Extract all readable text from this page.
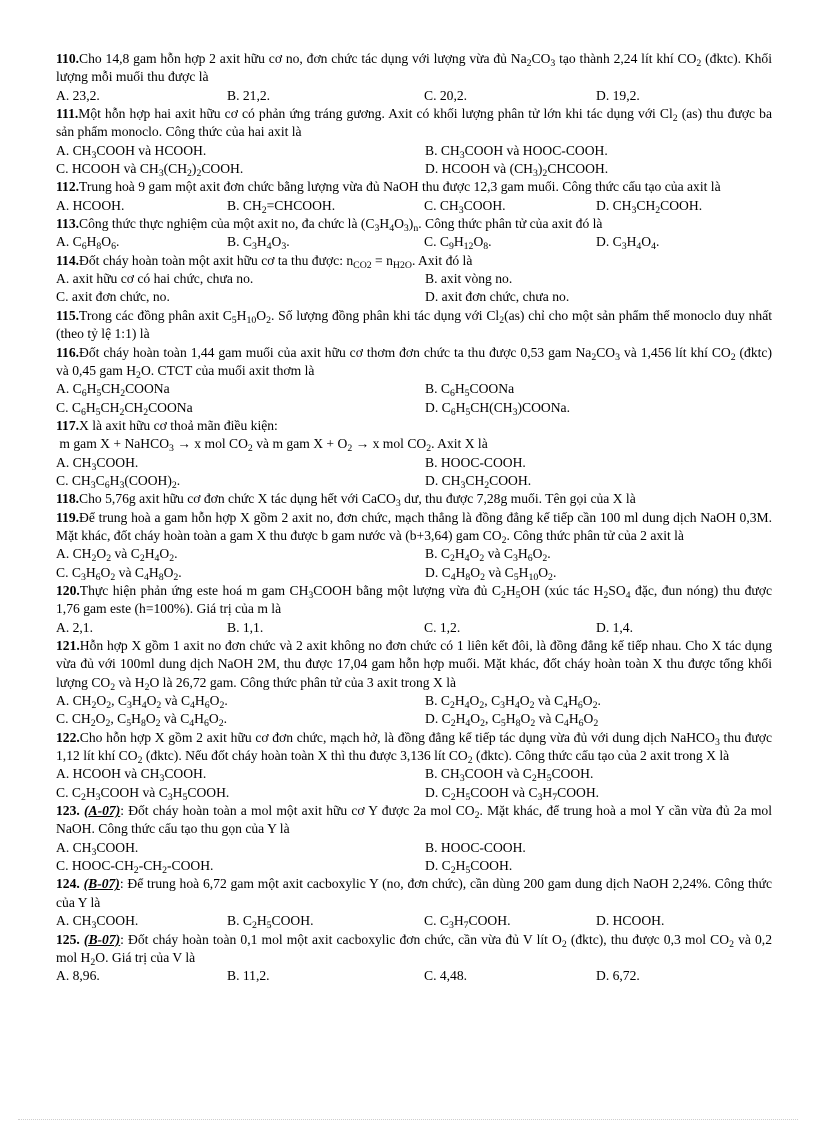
110.Cho 14,8 gam hỗn hợp 2 axit hữu cơ no, đơn chức tác dụng với lượng vừa đủ $Na_2CO_3$ tạo thành 2,24 lít khí $CO_2$ (đktc). Khối lượng mỗi muối thu được là

A. 23,2.	B. 21,2.	C. 20,2.	D. 19,2.

111.Một hỗn hợp hai axit hữu cơ có phản ứng tráng gương. Axit có khối lượng phân tử lớn khi tác dụng với $Cl_2$ (as) thu được ba sản phẩm monoclo. Công thức của hai axit là

A. $CH_3COOH$ và HCOOH.	B. $CH_3COOH$ và HOOC-COOH.
C. HCOOH và $CH_3(CH_2)_2COOH$.	D. HCOOH và $(CH_3)_2CHCOOH$.

112.Trung hoà 9 gam một axit đơn chức bằng lượng vừa đủ NaOH thu được 12,3 gam muối. Công thức cấu tạo của axit là

A. HCOOH.	B. $CH_2=CHCOOH$.	C. $CH_3COOH$.	D. $CH_3CH_2COOH$.

113.Công thức thực nghiệm của một axit no, đa chức là $(C_3H_4O_3)_n$. Công thức phân tử của axit đó là

A. $C_6H_8O_6$.	B. $C_3H_4O_3$.	C. $C_9H_{12}O_8$.	D. $C_3H_4O_4$.

114.Đốt cháy hoàn toàn một axit hữu cơ ta thu được: $n_{CO2} = n_{H2O}$. Axit đó là

A. axit hữu cơ có hai chức, chưa no.	B. axit vòng no.
C. axit đơn chức, no.	D. axit đơn chức, chưa no.

115.Trong các đồng phân axit $C_5H_{10}O_2$. Số lượng đồng phân khi tác dụng với $Cl_2(as)$ chỉ cho một sản phẩm thế monoclo duy nhất (theo tỷ lệ 1:1) là

116.Đốt cháy hoàn toàn 1,44 gam muối của axit hữu cơ thơm đơn chức ta thu được 0,53 gam $Na_2CO_3$ và 1,456 lít khí $CO_2$ (đktc) và 0,45 gam $H_2O$. CTCT của muối axit thơm là

A. $C_6H_5CH_2COONa$	B. $C_6H_5COONa$
C. $C_6H_5CH_2CH_2COONa$	D. $C_6H_5CH(CH_3)COONa$.

117.X là axit hữu cơ thoả mãn điều kiện:
m gam X + NaHCO$_3$ → x mol $CO_2$ và m gam $X + O_2 \to x$ mol $CO_2$. Axit X là

A. $CH_3COOH$.	B. HOOC-COOH.
C. $CH_3C_6H_3(COOH)_2$.	D. $CH_3CH_2COOH$.

118.Cho 5,76g axit hữu cơ đơn chức X tác dụng hết với CaCO$_3$ dư, thu được 7,28g muối. Tên gọi của X là

119.Để trung hoà a gam hỗn hợp X gồm 2 axit no, đơn chức, mạch thẳng là đồng đẳng kế tiếp cần 100 ml dung dịch NaOH 0,3M. Mặt khác, đốt cháy hoàn toàn a gam X thu được b gam nước và (b+3,64) gam $CO_2$. Công thức phân tử của 2 axit là

A. $CH_2O_2$ và $C_2H_4O_2$.	B. $C_2H_4O_2$ và $C_3H_6O_2$.
C. $C_3H_6O_2$ và $C_4H_8O_2$.	D. $C_4H_8O_2$ và $C_5H_{10}O_2$.

120.Thực hiện phản ứng este hoá m gam $CH_3COOH$ bằng một lượng vừa đủ $C_2H_5OH$ (xúc tác $H_2SO_4$ đặc, đun nóng) thu được 1,76 gam este (h=100%). Giá trị của m là

A. 2,1.	B. 1,1.	C. 1,2.	D. 1,4.

121.Hỗn hợp X gồm 1 axit no đơn chức và 2 axit không no đơn chức có 1 liên kết đôi, là đồng đẳng kế tiếp nhau. Cho X tác dụng vừa đủ với 100ml dung dịch NaOH 2M, thu được 17,04 gam hỗn hợp muối. Mặt khác, đốt cháy hoàn toàn X thu được tổng khối lượng $CO_2$ và $H_2O$ là 26,72 gam. Công thức phân tử của 3 axit trong X là

A. $CH_2O_2$, $C_3H_4O_2$ và $C_4H_6O_2$.	B. $C_2H_4O_2$, $C_3H_4O_2$ và $C_4H_6O_2$.
C. $CH_2O_2$, $C_5H_8O_2$ và $C_4H_6O_2$.	D. $C_2H_4O_2$, $C_5H_8O_2$ và $C_4H_6O_2$

122.Cho hỗn hợp X gồm 2 axit hữu cơ đơn chức, mạch hở, là đồng đẳng kế tiếp tác dụng vừa đủ với dung dịch NaHCO$_3$ thu được 1,12 lít khí $CO_2$ (đktc). Nếu đốt cháy hoàn toàn X thì thu được 3,136 lít $CO_2$ (đktc). Công thức cấu tạo của 2 axit trong X là

A. HCOOH và $CH_3COOH$.	B. $CH_3COOH$ và $C_2H_5COOH$.
C. $C_2H_3COOH$ và $C_3H_5COOH$.	D. $C_2H_5COOH$ và $C_3H_7COOH$.

123. (A-07): Đốt cháy hoàn toàn a mol một axit hữu cơ Y được 2a mol $CO_2$. Mặt khác, để trung hoà a mol Y cần vừa đủ 2a mol NaOH. Công thức cấu tạo thu gọn của Y là

A. $CH_3COOH$.	B. HOOC-COOH.
C. HOOC-$CH_2-CH_2$-COOH.	D. $C_2H_5COOH$.

124. (B-07): Để trung hoà 6,72 gam một axit cacboxylic Y (no, đơn chức), cần dùng 200 gam dung dịch NaOH 2,24%. Công thức của Y là

A. $CH_3COOH$.	B. $C_2H_5COOH$.	C. $C_3H_7COOH$.	D. HCOOH.

125. (B-07): Đốt cháy hoàn toàn 0,1 mol một axit cacboxylic đơn chức, cần vừa đủ V lít $O_2$ (đktc), thu được 0,3 mol $CO_2$ và 0,2 mol $H_2O$. Giá trị của V là

A. 8,96.	B. 11,2.	C. 4,48.	D. 6,72.
